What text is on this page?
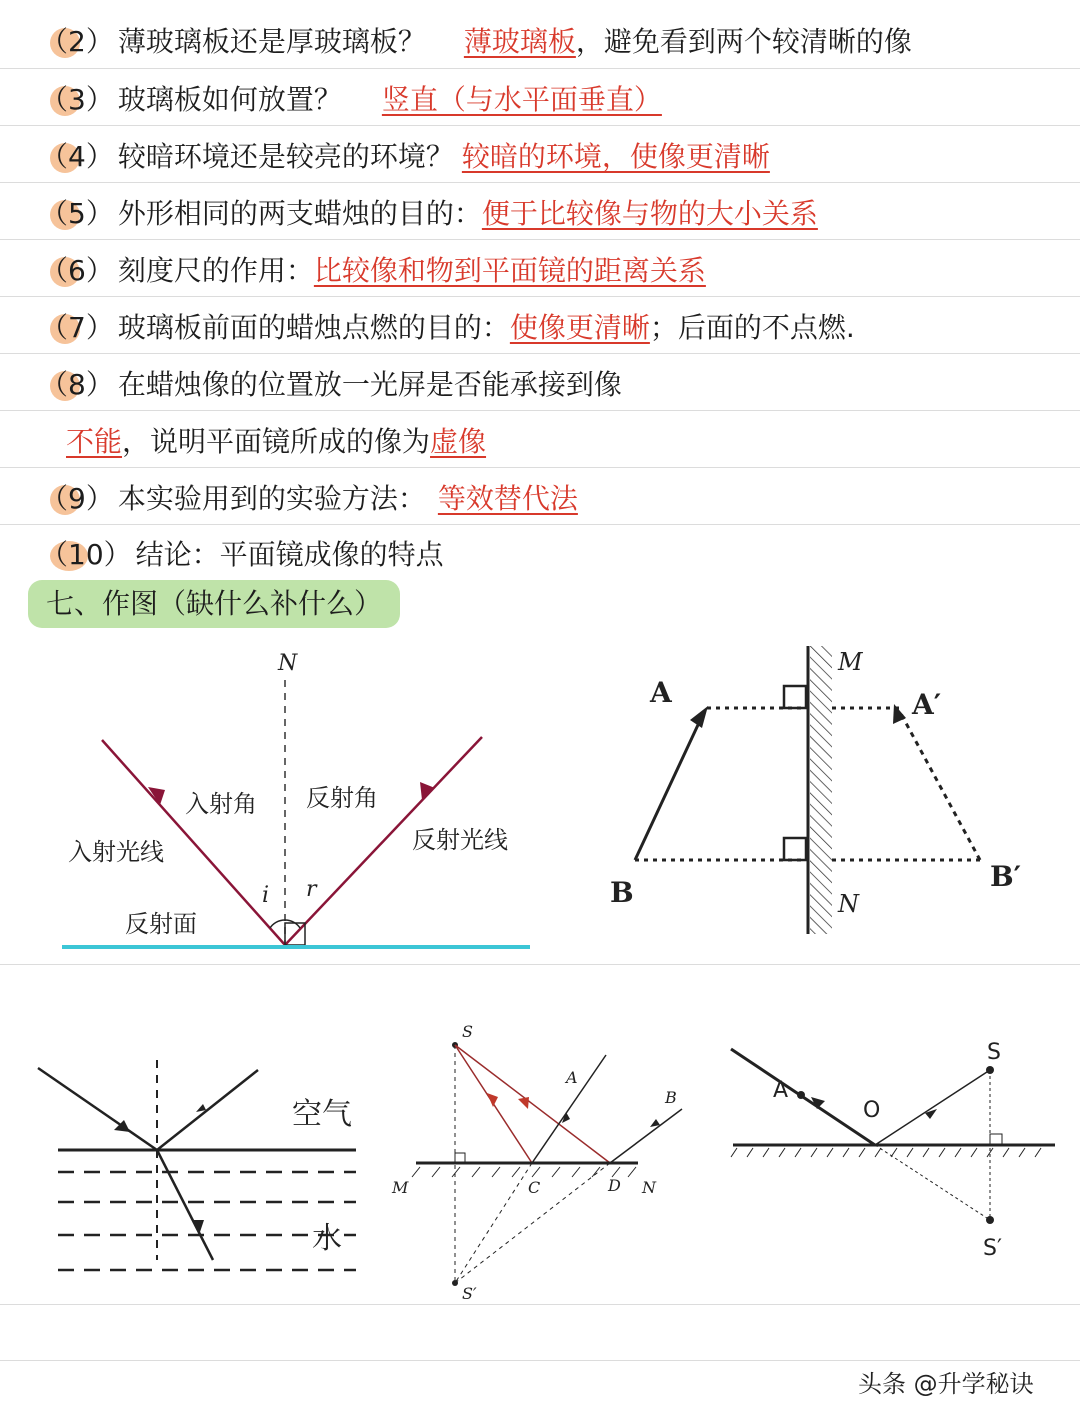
（2） 薄玻璃板还是厚玻璃板？ 薄玻璃板，避免看到两个较清晰的像
（3） 玻璃板如何放置？ 竖直（与水平面垂直）
（4） 较暗环境还是较亮的环境？ 较暗的环境，使像更清晰
（5） 外形相同的两支蜡烛的目的：便于比较像与物的大小关系
（6） 刻度尺的作用：比较像和物到平面镜的距离关系
（7） 玻璃板前面的蜡烛点燃的目的：使像更清晰；后面的不点燃.
（8） 在蜡烛像的位置放一光屏是否能承接到像
不能，说明平面镜所成的像为虚像
（9） 本实验用到的实验方法： 等效替代法
（10） 结论：平面镜成像的特点
七、作图（缺什么补什么）
N
i r
入射角 反射角
入射光线	反射光线
反射面
M
N
A	A′
B	B′
空气
水
S
A
B
M	C	D N
S′
A
S
O
S′
头条 @升学秘诀
